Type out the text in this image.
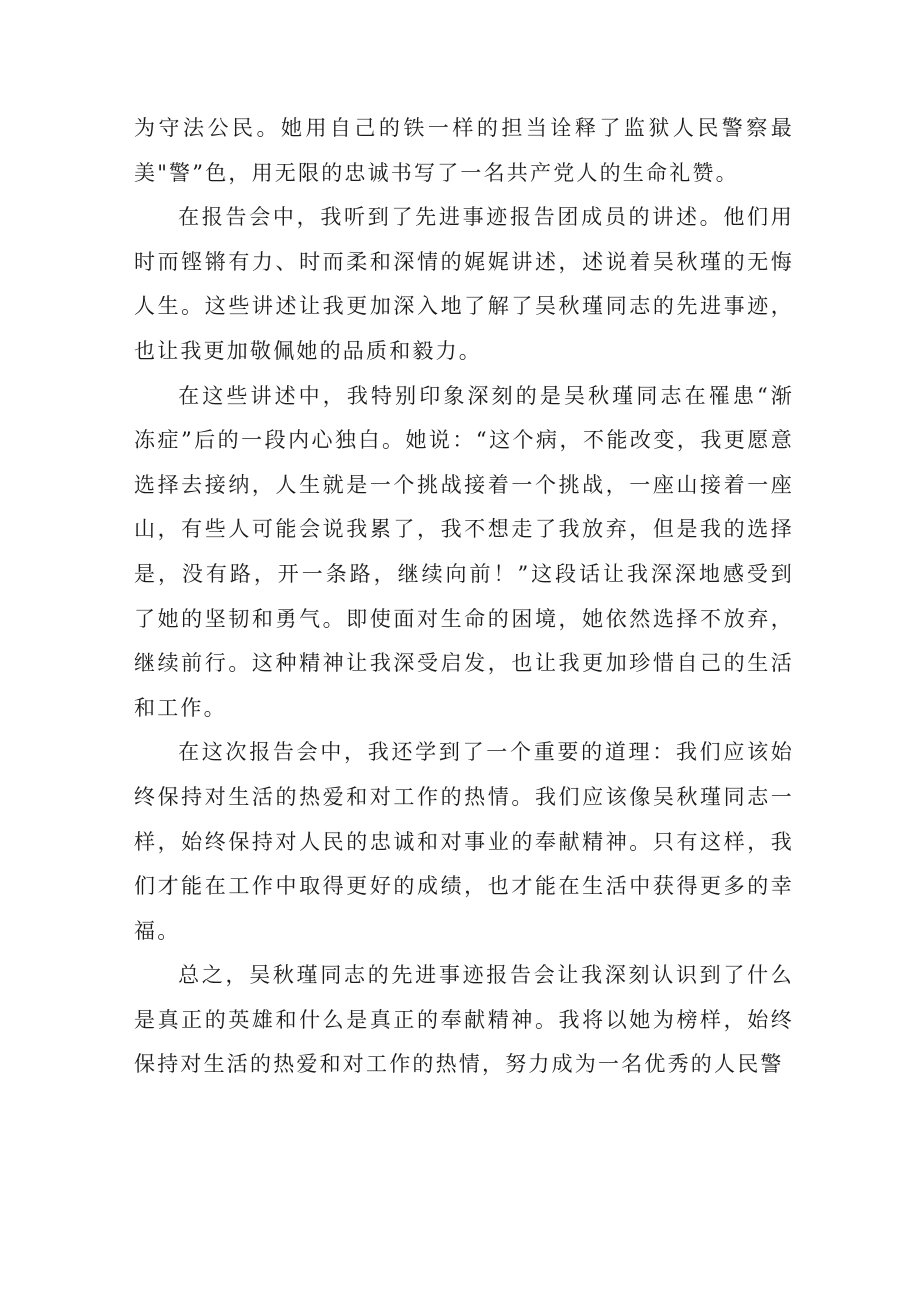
为守法公民。她用自己的铁一样的担当诠释了监狱人民警察最美"警”色，用无限的忠诚书写了一名共产党人的生命礼赞。

在报告会中，我听到了先进事迹报告团成员的讲述。他们用时而铿锵有力、时而柔和深情的娓娓讲述，述说着吴秋瑾的无悔人生。这些讲述让我更加深入地了解了吴秋瑾同志的先进事迹，也让我更加敬佩她的品质和毅力。

在这些讲述中，我特别印象深刻的是吴秋瑾同志在罹患“渐冻症”后的一段内心独白。她说：“这个病，不能改变，我更愿意选择去接纳，人生就是一个挑战接着一个挑战，一座山接着一座山，有些人可能会说我累了，我不想走了我放弃，但是我的选择是，没有路，开一条路，继续向前！”这段话让我深深地感受到了她的坚韧和勇气。即使面对生命的困境，她依然选择不放弃，继续前行。这种精神让我深受启发，也让我更加珍惜自己的生活和工作。

在这次报告会中，我还学到了一个重要的道理：我们应该始终保持对生活的热爱和对工作的热情。我们应该像吴秋瑾同志一样，始终保持对人民的忠诚和对事业的奉献精神。只有这样，我们才能在工作中取得更好的成绩，也才能在生活中获得更多的幸福。

总之，吴秋瑾同志的先进事迹报告会让我深刻认识到了什么是真正的英雄和什么是真正的奉献精神。我将以她为榜样，始终保持对生活的热爱和对工作的热情，努力成为一名优秀的人民警
